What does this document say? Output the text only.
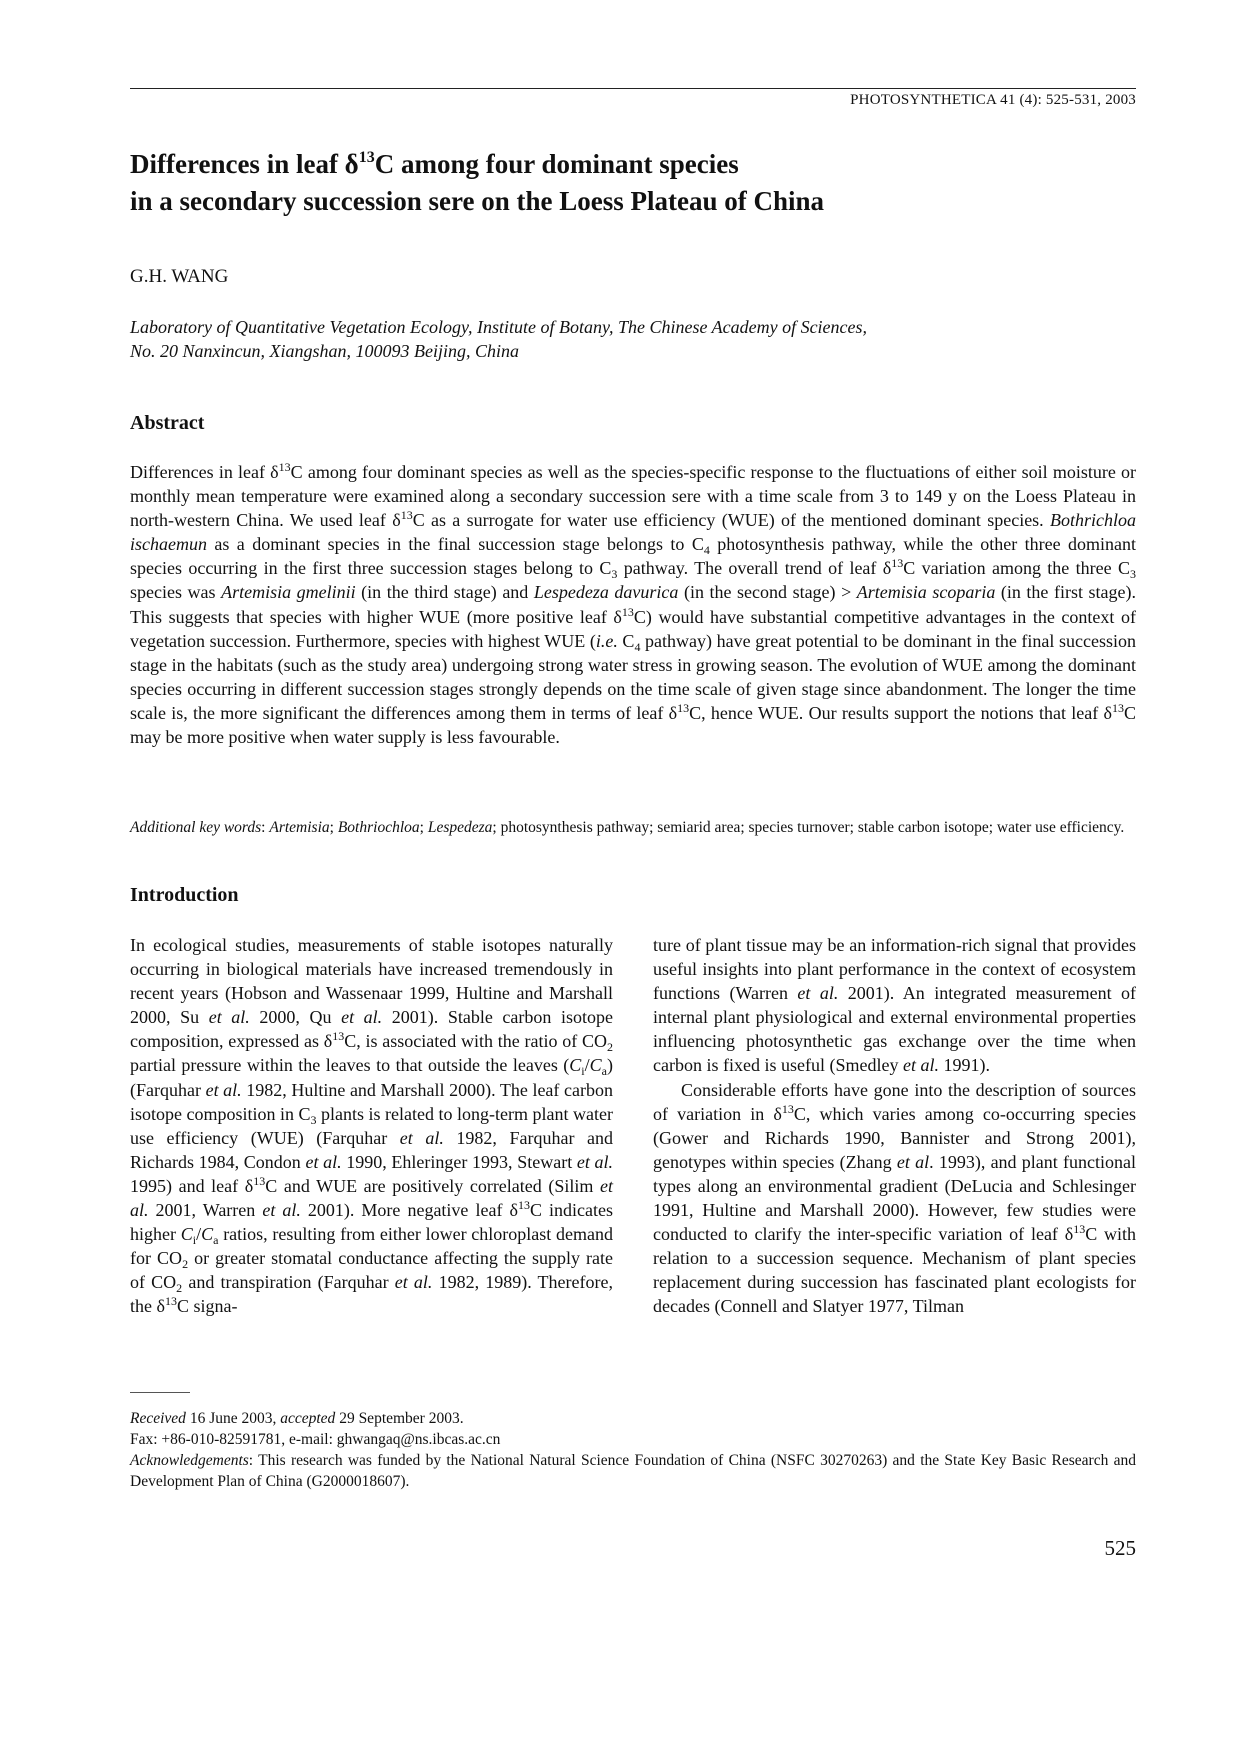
PHOTOSYNTHETICA 41 (4): 525-531, 2003
Differences in leaf $\delta^{13}C$ among four dominant species
in a secondary succession sere on the Loess Plateau of China
G.H. WANG
Laboratory of Quantitative Vegetation Ecology, Institute of Botany, The Chinese Academy of Sciences,
No. 20 Nanxincun, Xiangshan, 100093 Beijing, China
Abstract

Differences in leaf $\delta^{13}C$ among four dominant species as well as the species-specific response to the fluctuations of either soil moisture or monthly mean temperature were examined along a secondary succession sere with a time scale from 3 to 149 y on the Loess Plateau in north-western China. We used leaf $\delta^{13}C$ as a surrogate for water use efficiency (WUE) of the mentioned dominant species. Bothrichloa ischaemun as a dominant species in the final succession stage belongs to $C_4$ photosynthesis pathway, while the other three dominant species occurring in the first three succession stages belong to $C_3$ pathway. The overall trend of leaf $\delta^{13}C$ variation among the three $C_3$ species was Artemisia gmelinii (in the third stage) and Lespedeza davurica (in the second stage) > Artemisia scoparia (in the first stage). This suggests that species with higher WUE (more positive leaf $\delta^{13}C$) would have substantial competitive advantages in the context of vegetation succession. Furthermore, species with highest WUE (i.e. $C_4$ pathway) have great potential to be dominant in the final succession stage in the habitats (such as the study area) undergoing strong water stress in growing season. The evolution of WUE among the dominant species occurring in different succession stages strongly depends on the time scale of given stage since abandonment. The longer the time scale is, the more significant the differences among them in terms of leaf $\delta^{13}C$, hence WUE. Our results support the notions that leaf $\delta^{13}C$ may be more positive when water supply is less favourable.

Additional key words: Artemisia; Bothriochloa; Lespedeza; photosynthesis pathway; semiarid area; species turnover; stable carbon isotope; water use efficiency.

Introduction

In ecological studies, measurements of stable isotopes naturally occurring in biological materials have increased tremendously in recent years (Hobson and Wassenaar 1999, Hultine and Marshall 2000, Su et al. 2000, Qu et al. 2001). Stable carbon isotope composition, expressed as $\delta^{13}C$, is associated with the ratio of $CO_2$ partial pressure within the leaves to that outside the leaves $(C_i/C_a)$ (Farquhar et al. 1982, Hultine and Marshall 2000). The leaf carbon isotope composition in $C_3$ plants is related to long-term plant water use efficiency (WUE) (Farquhar et al. 1982, Farquhar and Richards 1984, Condon et al. 1990, Ehleringer 1993, Stewart et al. 1995) and leaf $\delta^{13}C$ and WUE are positively correlated (Silim et al. 2001, Warren et al. 2001). More negative leaf $\delta^{13}C$ indicates higher $C_i/C_a$ ratios, resulting from either lower chloroplast demand for $CO_2$ or greater stomatal conductance affecting the supply rate of $CO_2$ and transpiration (Farquhar et al. 1982, 1989). Therefore, the $\delta^{13}C$ signa-

ture of plant tissue may be an information-rich signal that provides useful insights into plant performance in the context of ecosystem functions (Warren et al. 2001). An integrated measurement of internal plant physiological and external environmental properties influencing photosynthetic gas exchange over the time when carbon is fixed is useful (Smedley et al. 1991).

Considerable efforts have gone into the description of sources of variation in $\delta^{13}C$, which varies among co-occurring species (Gower and Richards 1990, Bannister and Strong 2001), genotypes within species (Zhang et al. 1993), and plant functional types along an environmental gradient (DeLucia and Schlesinger 1991, Hultine and Marshall 2000). However, few studies were conducted to clarify the inter-specific variation of leaf $\delta^{13}C$ with relation to a succession sequence. Mechanism of plant species replacement during succession has fascinated plant ecologists for decades (Connell and Slatyer 1977, Tilman

Received 16 June 2003, accepted 29 September 2003.

Fax: +86-010-82591781, e-mail: ghwangaq@ns.ibcas.ac.cn

Acknowledgements: This research was funded by the National Natural Science Foundation of China (NSFC 30270263) and the State Key Basic Research and Development Plan of China (G2000018607).

525
